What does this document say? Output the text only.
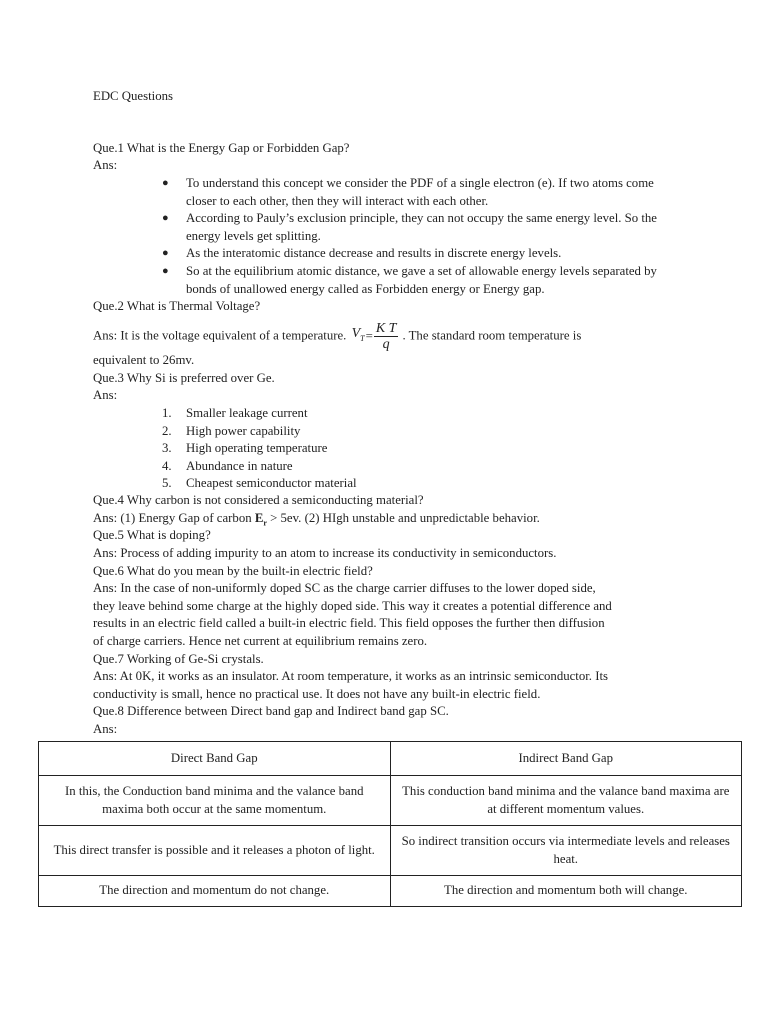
EDC Questions
Que.1 What is the Energy Gap or Forbidden Gap?
Ans:
● To understand this concept we consider the PDF of a single electron (e). If two atoms come closer to each other, then they will interact with each other.
● According to Pauly’s exclusion principle, they can not occupy the same energy level. So the energy levels get splitting.
● As the interatomic distance decrease and results in discrete energy levels.
● So at the equilibrium atomic distance, we gave a set of allowable energy levels separated by bonds of unallowed energy called as Forbidden energy or Energy gap.
Que.2 What is Thermal Voltage?
Ans: It is the voltage equivalent of a temperature. $V_T= \frac{\text{K T}}{q}$ . The standard room temperature is
equivalent to 26mv.
Que.3 Why Si is preferred over Ge.
Ans:
1. Smaller leakage current
2. High power capability
3. High operating temperature
4. Abundance in nature
5. Cheapest semiconductor material
Que.4 Why carbon is not considered a semiconducting material?
Ans: (1) Energy Gap of carbon $E_r > 5ev$. (2) HIgh unstable and unpredictable behavior.
Que.5 What is doping?
Ans: Process of adding impurity to an atom to increase its conductivity in semiconductors.
Que.6 What do you mean by the built-in electric field?
Ans: In the case of non-uniformly doped SC as the charge carrier diffuses to the lower doped side,
they leave behind some charge at the highly doped side. This way it creates a potential difference and
results in an electric field called a built-in electric field. This field opposes the further then diffusion
of charge carriers. Hence net current at equilibrium remains zero.
Que.7 Working of Ge-Si crystals.
Ans: At 0K, it works as an insulator. At room temperature, it works as an intrinsic semiconductor. Its
conductivity is small, hence no practical use. It does not have any built-in electric field.
Que.8 Difference between Direct band gap and Indirect band gap SC.
Ans:
Direct Band Gap	Indirect Band Gap
In this, the Conduction band minima and the valance band maxima both occur at the same momentum.	This conduction band minima and the valance band maxima are at different momentum values.
This direct transfer is possible and it releases a photon of light.	So indirect transition occurs via intermediate levels and releases heat.
The direction and momentum do not change.	The direction and momentum both will change.
